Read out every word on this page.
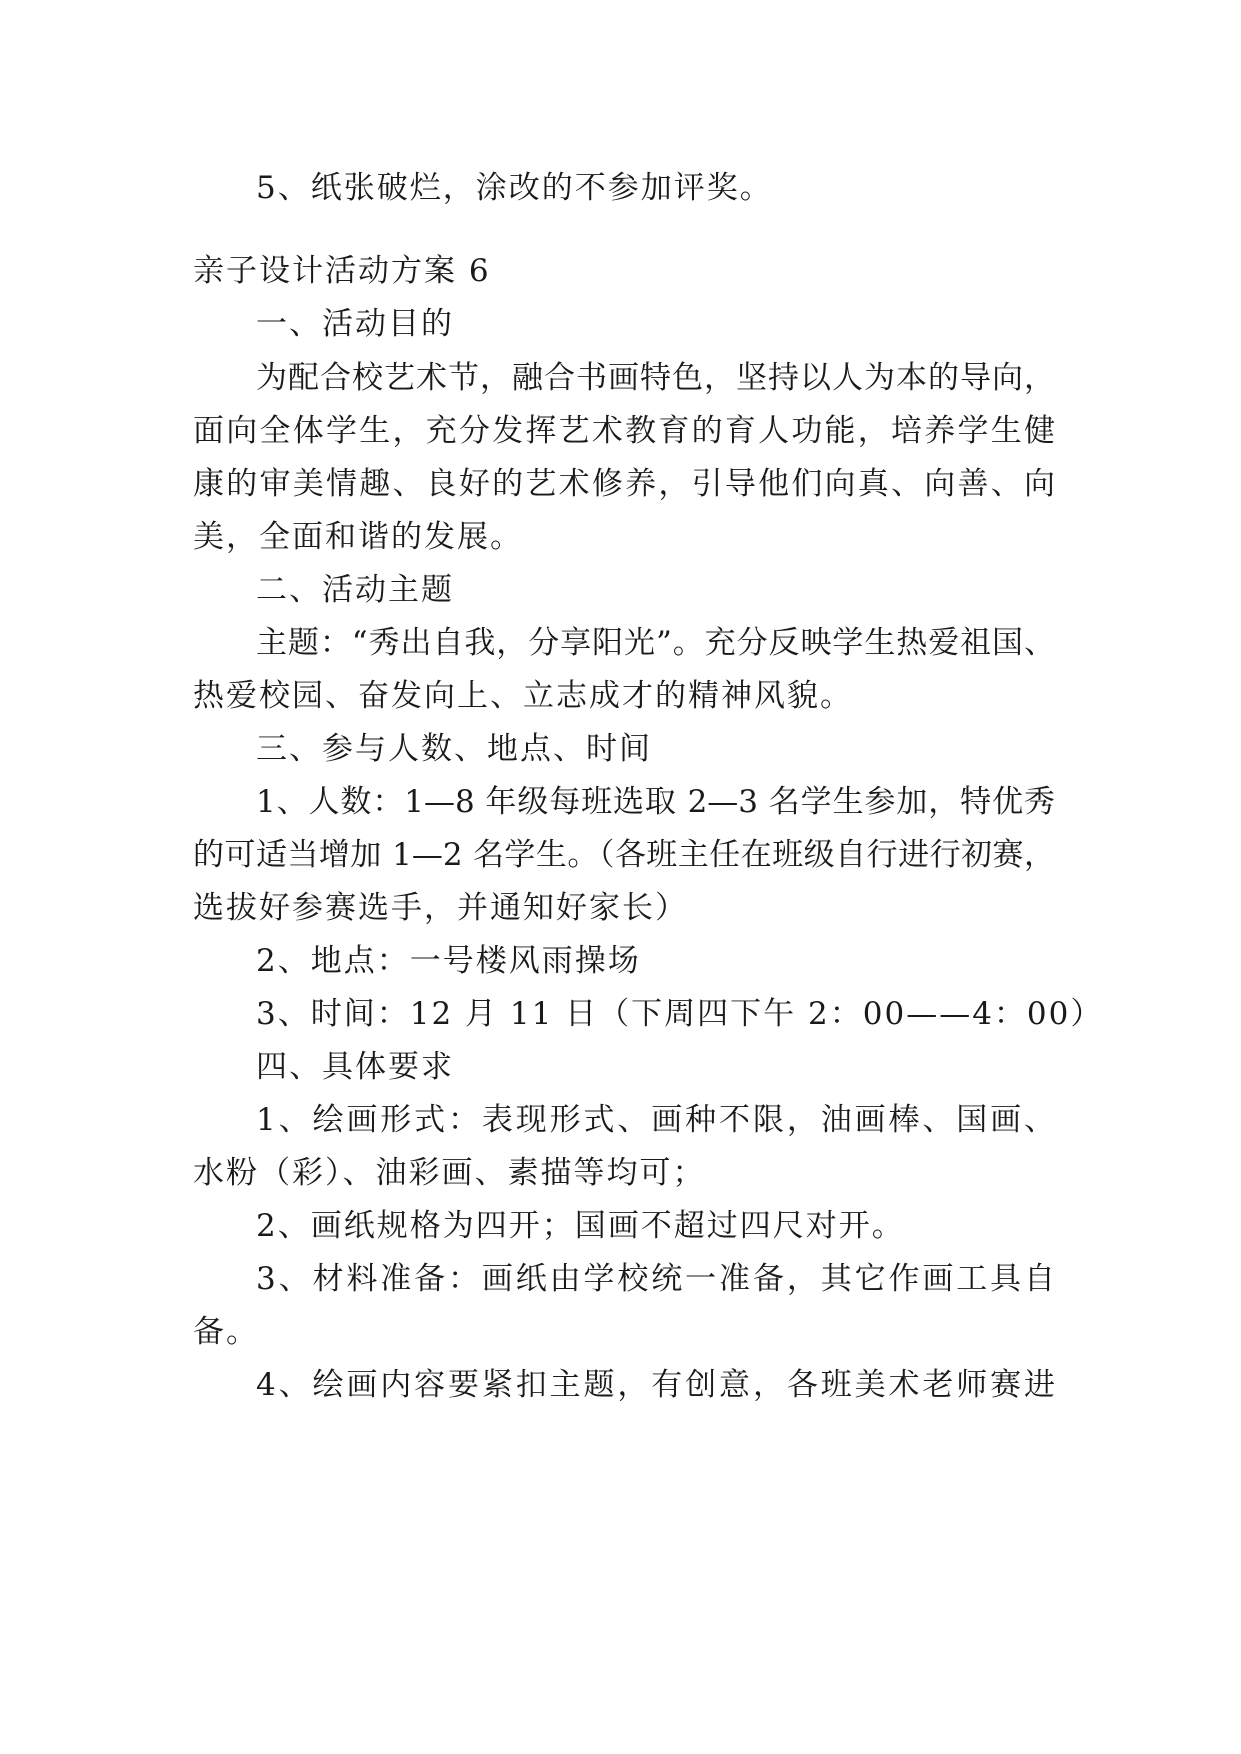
5、纸张破烂，涂改的不参加评奖。
亲子设计活动方案 6
一、活动目的
为配合校艺术节，融合书画特色，坚持以人为本的导向，
面向全体学生，充分发挥艺术教育的育人功能，培养学生健
康的审美情趣、良好的艺术修养，引导他们向真、向善、向
美，全面和谐的发展。
二、活动主题
主题：“秀出自我，分享阳光”。充分反映学生热爱祖国、
热爱校园、奋发向上、立志成才的精神风貌。
三、参与人数、地点、时间
1、人数：1—8 年级每班选取 2—3 名学生参加，特优秀
的可适当增加 1—2 名学生。（各班主任在班级自行进行初赛，
选拔好参赛选手，并通知好家长）
2、地点：一号楼风雨操场
3、时间：12 月 11 日（下周四下午 2：00——4：00）
四、具体要求
1、绘画形式：表现形式、画种不限，油画棒、国画、
水粉（彩）、油彩画、素描等均可；
2、画纸规格为四开；国画不超过四尺对开。
3、材料准备：画纸由学校统一准备，其它作画工具自
备。
4、绘画内容要紧扣主题，有创意，各班美术老师赛进
